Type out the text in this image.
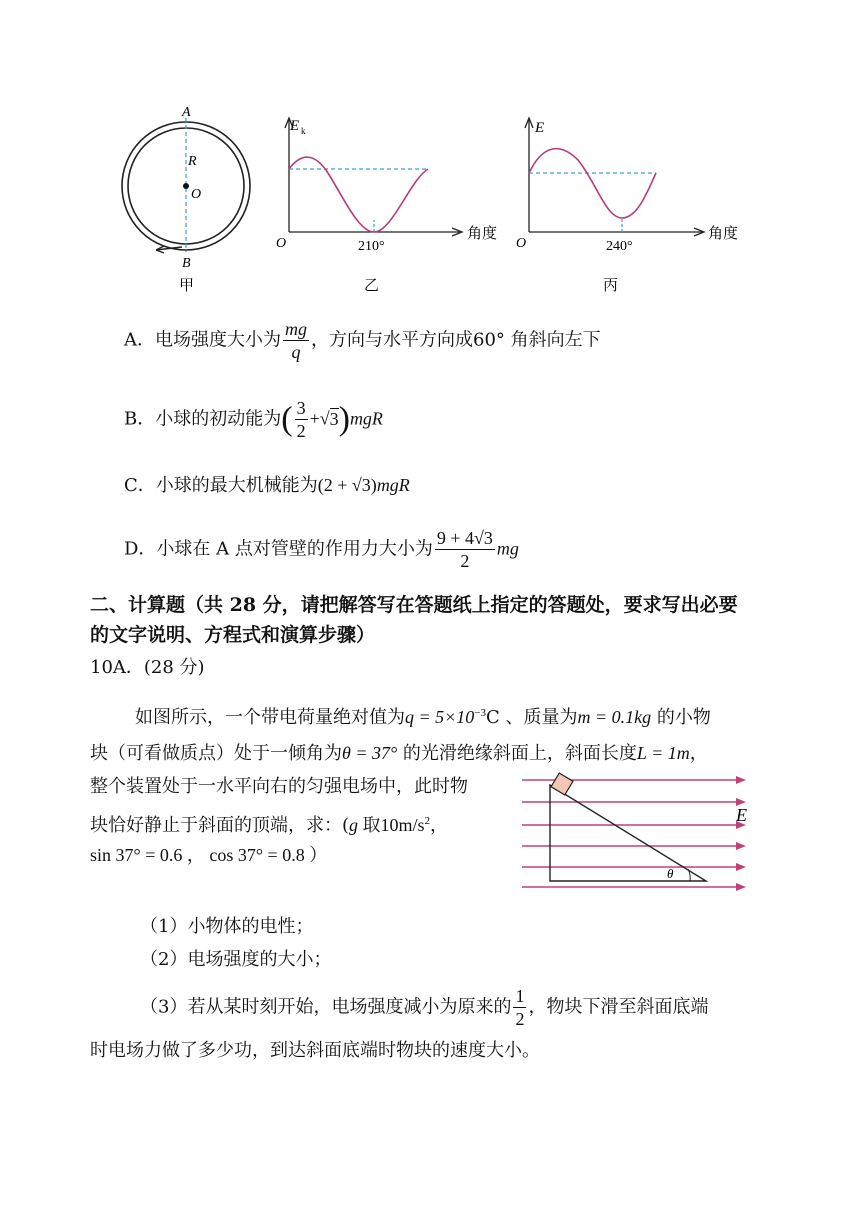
A
R
O
B
甲
E k
角度
O	210°
乙
E
角度
O	240°
丙
A．电场强度大小为 $\frac{mg}{q}$ ，方向与水平方向成60° 角斜向左下
B．小球的初动能为( $\frac{3}{2} +√3)mgR$
C．小球的最大机械能为(2 + √3)mgR
D．小球在 A 点对管壁的作用力大小为 $\frac{9 + 4√3}{2}$ mg
二、计算题（共 28 分，请把解答写在答题纸上指定的答题处，要求写出必要
的文字说明、方程式和演算步骤）
10A．(28 分)
如图所示，一个带电荷量绝对值为$q = 5\times 10^{-3}C$ 、质量为m = 0.1kg 的小物
块（可看做质点）处于一倾角为θ = 37° 的光滑绝缘斜面上，斜面长度L = 1m，
整个装置处于一水平向右的匀强电场中，此时物
块恰好静止于斜面的顶端，求：(g 取$10m/s^2$，
sin 37° = 0.6 ， cos 37° = 0.8 ）
E
θ
（1）小物体的电性；
（2）电场强度的大小；
（3）若从某时刻开始，电场强度减小为原来的 $\frac{1}{2}$ ，物块下滑至斜面底端
时电场力做了多少功，到达斜面底端时物块的速度大小。
